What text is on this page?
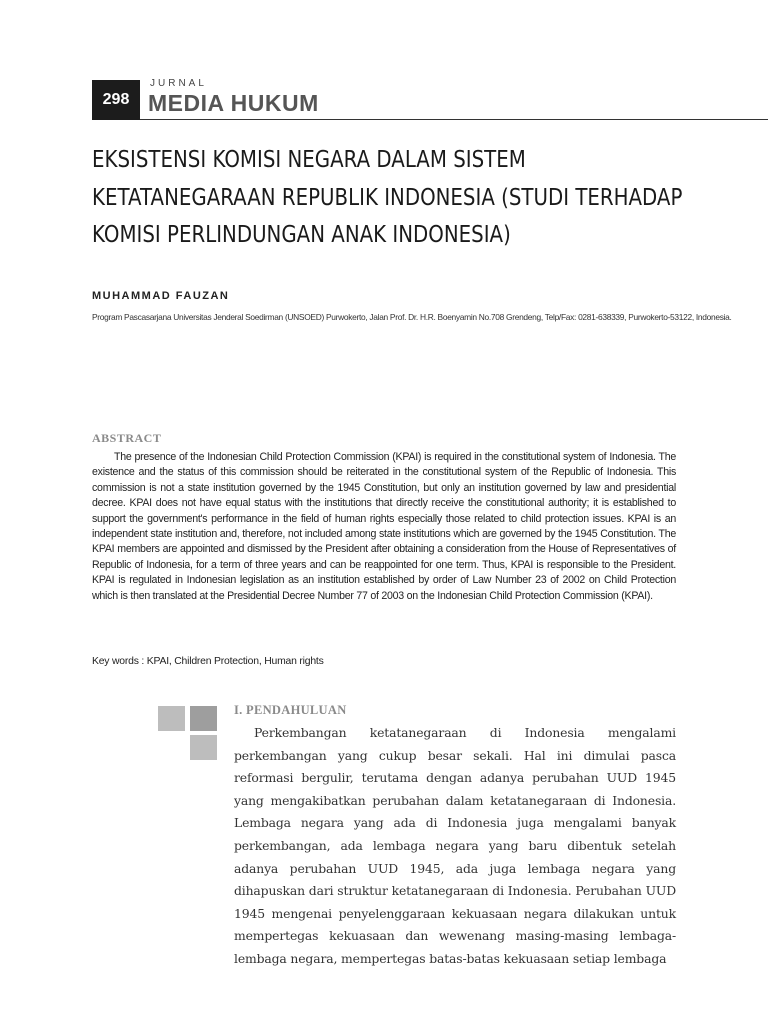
298
JURNAL
MEDIA HUKUM
EKSISTENSI KOMISI NEGARA DALAM SISTEM KETATANEGARAAN REPUBLIK INDONESIA (STUDI TERHADAP KOMISI PERLINDUNGAN ANAK INDONESIA)
MUHAMMAD FAUZAN
Program Pascasarjana Universitas Jenderal Soedirman (UNSOED) Purwokerto, Jalan Prof. Dr. H.R. Boenyamin No.708 Grendeng, Telp/Fax: 0281-638339, Purwokerto-53122, Indonesia.
ABSTRACT

The presence of the Indonesian Child Protection Commission (KPAI) is required in the constitutional system of Indonesia. The existence and the status of this commission should be reiterated in the constitutional system of the Republic of Indonesia. This commission is not a state institution governed by the 1945 Constitution, but only an institution governed by law and presidential decree. KPAI does not have equal status with the institutions that directly receive the constitutional authority; it is established to support the government's performance in the field of human rights especially those related to child protection issues. KPAI is an independent state institution and, therefore, not included among state institutions which are governed by the 1945 Constitution. The KPAI members are appointed and dismissed by the President after obtaining a consideration from the House of Representatives of Republic of Indonesia, for a term of three years and can be reappointed for one term. Thus, KPAI is responsible to the President. KPAI is regulated in Indonesian legislation as an institution established by order of Law Number 23 of 2002 on Child Protection which is then translated at the Presidential Decree Number 77 of 2003 on the Indonesian Child Protection Commission (KPAI).

Key words : KPAI, Children Protection, Human rights
I. PENDAHULUAN

Perkembangan ketatanegaraan di Indonesia mengalami perkembangan yang cukup besar sekali. Hal ini dimulai pasca reformasi bergulir, terutama dengan adanya perubahan UUD 1945 yang mengakibatkan perubahan dalam ketatanegaraan di Indonesia. Lembaga negara yang ada di Indonesia juga mengalami banyak perkembangan, ada lembaga negara yang baru dibentuk setelah adanya perubahan UUD 1945, ada juga lembaga negara yang dihapuskan dari struktur ketatanegaraan di Indonesia. Perubahan UUD 1945 mengenai penyelenggaraan kekuasaan negara dilakukan untuk mempertegas kekuasaan dan wewenang masing-masing lembaga-lembaga negara, mempertegas batas-batas kekuasaan setiap lembaga
